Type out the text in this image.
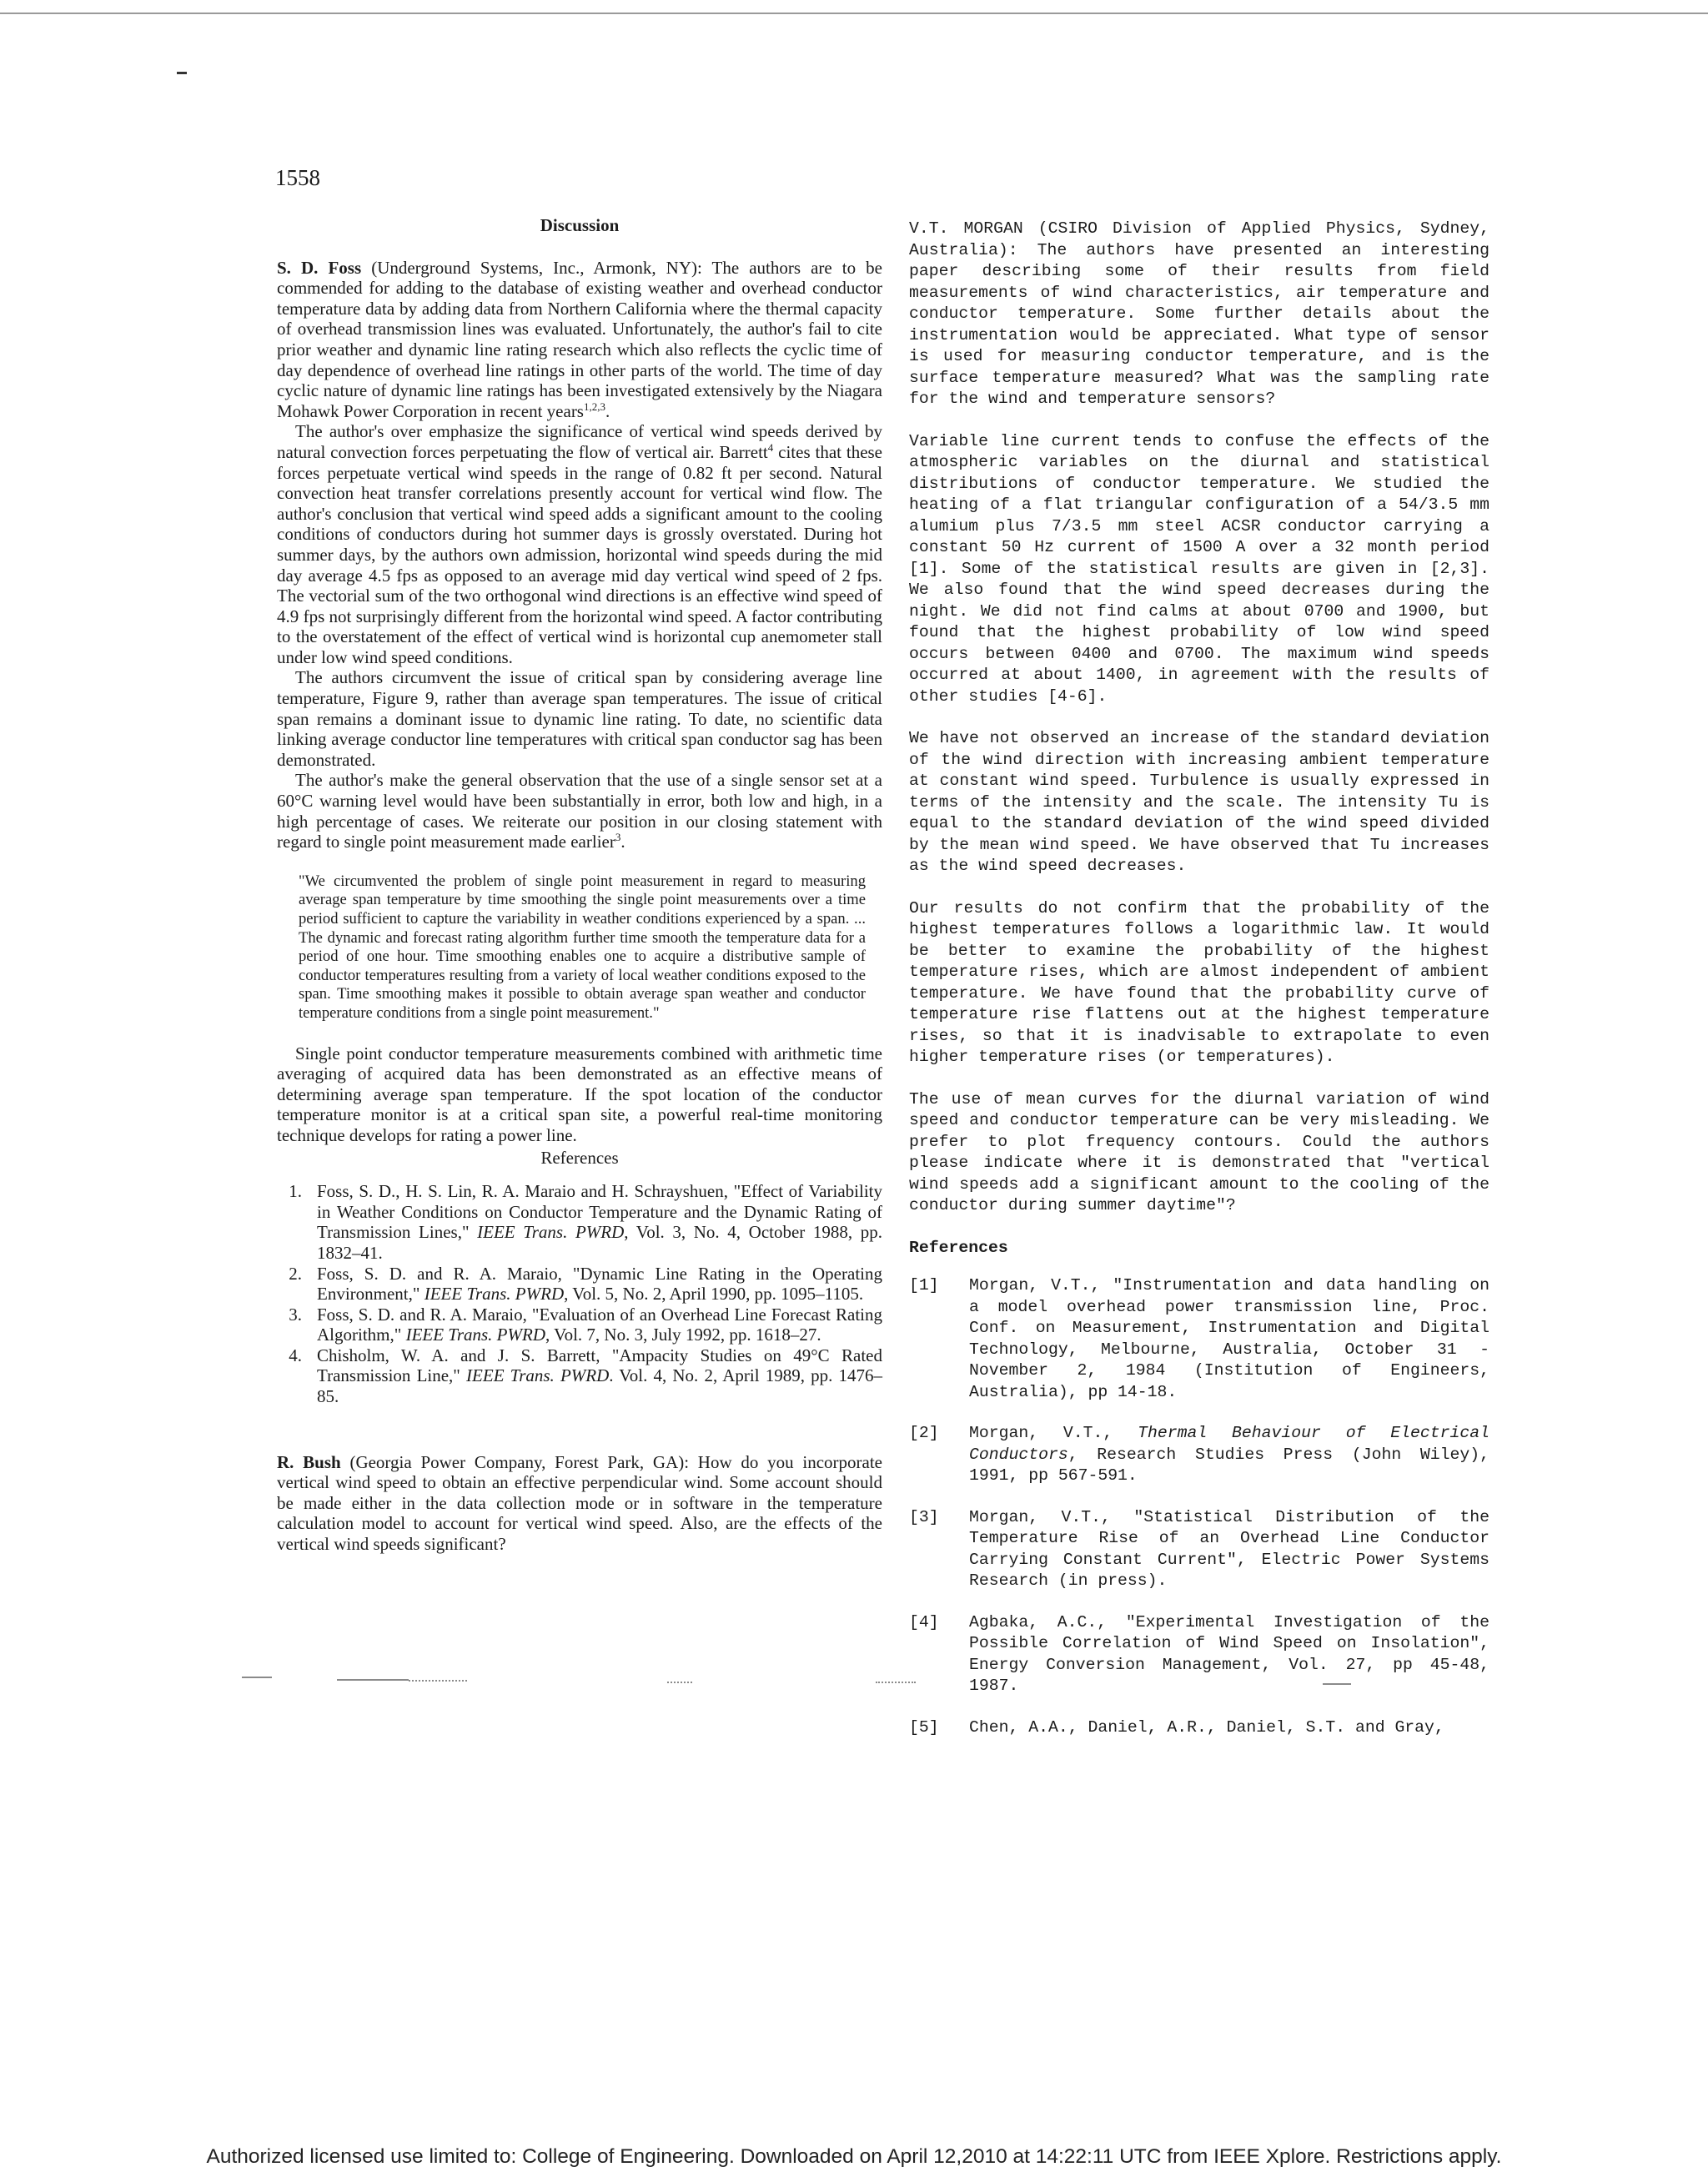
1558
Discussion

S. D. Foss (Underground Systems, Inc., Armonk, NY): The authors are to be commended for adding to the database of existing weather and overhead conductor temperature data by adding data from Northern California where the thermal capacity of overhead transmission lines was evaluated. Unfortunately, the author's fail to cite prior weather and dynamic line rating research which also reflects the cyclic time of day dependence of overhead line ratings in other parts of the world. The time of day cyclic nature of dynamic line ratings has been investigated extensively by the Niagara Mohawk Power Corporation in recent years$^{1,2,3}$.

The author's over emphasize the significance of vertical wind speeds derived by natural convection forces perpetuating the flow of vertical air. Barrett$^4$ cites that these forces perpetuate vertical wind speeds in the range of 0.82 ft per second. Natural convection heat transfer correlations presently account for vertical wind flow. The author's conclusion that vertical wind speed adds a significant amount to the cooling conditions of conductors during hot summer days is grossly overstated. During hot summer days, by the authors own admission, horizontal wind speeds during the mid day average 4.5 fps as opposed to an average mid day vertical wind speed of 2 fps. The vectorial sum of the two orthogonal wind directions is an effective wind speed of 4.9 fps not surprisingly different from the horizontal wind speed. A factor contributing to the overstatement of the effect of vertical wind is horizontal cup anemometer stall under low wind speed conditions.

The authors circumvent the issue of critical span by considering average line temperature, Figure 9, rather than average span temperatures. The issue of critical span remains a dominant issue to dynamic line rating. To date, no scientific data linking average conductor line temperatures with critical span conductor sag has been demonstrated.

The author's make the general observation that the use of a single sensor set at a 60°C warning level would have been substantially in error, both low and high, in a high percentage of cases. We reiterate our position in our closing statement with regard to single point measurement made earlier$^3$.

"We circumvented the problem of single point measurement in regard to measuring average span temperature by time smoothing the single point measurements over a time period sufficient to capture the variability in weather conditions experienced by a span. ... The dynamic and forecast rating algorithm further time smooth the temperature data for a period of one hour. Time smoothing enables one to acquire a distributive sample of conductor temperatures resulting from a variety of local weather conditions exposed to the span. Time smoothing makes it possible to obtain average span weather and conductor temperature conditions from a single point measurement."

Single point conductor temperature measurements combined with arithmetic time averaging of acquired data has been demonstrated as an effective means of determining average span temperature. If the spot location of the conductor temperature monitor is at a critical span site, a powerful real-time monitoring technique develops for rating a power line.

References
1. Foss, S. D., H. S. Lin, R. A. Maraio and H. Schrayshuen, "Effect of Variability in Weather Conditions on Conductor Temperature and the Dynamic Rating of Transmission Lines," IEEE Trans. PWRD, Vol. 3, No. 4, October 1988, pp. 1832–41.
2. Foss, S. D. and R. A. Maraio, "Dynamic Line Rating in the Operating Environment," IEEE Trans. PWRD, Vol. 5, No. 2, April 1990, pp. 1095–1105.
3. Foss, S. D. and R. A. Maraio, "Evaluation of an Overhead Line Forecast Rating Algorithm," IEEE Trans. PWRD, Vol. 7, No. 3, July 1992, pp. 1618–27.
4. Chisholm, W. A. and J. S. Barrett, "Ampacity Studies on 49°C Rated Transmission Line," IEEE Trans. PWRD. Vol. 4, No. 2, April 1989, pp. 1476–85.

R. Bush (Georgia Power Company, Forest Park, GA): How do you incorporate vertical wind speed to obtain an effective perpendicular wind. Some account should be made either in the data collection mode or in software in the temperature calculation model to account for vertical wind speed. Also, are the effects of the vertical wind speeds significant?

V.T. MORGAN (CSIRO Division of Applied Physics, Sydney, Australia): The authors have presented an interesting paper describing some of their results from field measurements of wind characteristics, air temperature and conductor temperature. Some further details about the instrumentation would be appreciated. What type of sensor is used for measuring conductor temperature, and is the surface temperature measured? What was the sampling rate for the wind and temperature sensors?

Variable line current tends to confuse the effects of the atmospheric variables on the diurnal and statistical distributions of conductor temperature. We studied the heating of a flat triangular configuration of a 54/3.5 mm alumium plus 7/3.5 mm steel ACSR conductor carrying a constant 50 Hz current of 1500 A over a 32 month period [1]. Some of the statistical results are given in [2,3]. We also found that the wind speed decreases during the night. We did not find calms at about 0700 and 1900, but found that the highest probability of low wind speed occurs between 0400 and 0700. The maximum wind speeds occurred at about 1400, in agreement with the results of other studies [4-6].

We have not observed an increase of the standard deviation of the wind direction with increasing ambient temperature at constant wind speed. Turbulence is usually expressed in terms of the intensity and the scale. The intensity Tu is equal to the standard deviation of the wind speed divided by the mean wind speed. We have observed that Tu increases as the wind speed decreases.

Our results do not confirm that the probability of the highest temperatures follows a logarithmic law. It would be better to examine the probability of the highest temperature rises, which are almost independent of ambient temperature. We have found that the probability curve of temperature rise flattens out at the highest temperature rises, so that it is inadvisable to extrapolate to even higher temperature rises (or temperatures).

The use of mean curves for the diurnal variation of wind speed and conductor temperature can be very misleading. We prefer to plot frequency contours. Could the authors please indicate where it is demonstrated that "vertical wind speeds add a significant amount to the cooling of the conductor during summer daytime"?

References
[1] Morgan, V.T., "Instrumentation and data handling on a model overhead power transmission line, Proc. Conf. on Measurement, Instrumentation and Digital Technology, Melbourne, Australia, October 31 - November 2, 1984 (Institution of Engineers, Australia), pp 14-18.
[2] Morgan, V.T., Thermal Behaviour of Electrical Conductors, Research Studies Press (John Wiley), 1991, pp 567-591.
[3] Morgan, V.T., "Statistical Distribution of the Temperature Rise of an Overhead Line Conductor Carrying Constant Current", Electric Power Systems Research (in press).
[4] Agbaka, A.C., "Experimental Investigation of the Possible Correlation of Wind Speed on Insolation", Energy Conversion Management, Vol. 27, pp 45-48, 1987.
[5] Chen, A.A., Daniel, A.R., Daniel, S.T. and Gray,
Authorized licensed use limited to: College of Engineering. Downloaded on April 12,2010 at 14:22:11 UTC from IEEE Xplore. Restrictions apply.
